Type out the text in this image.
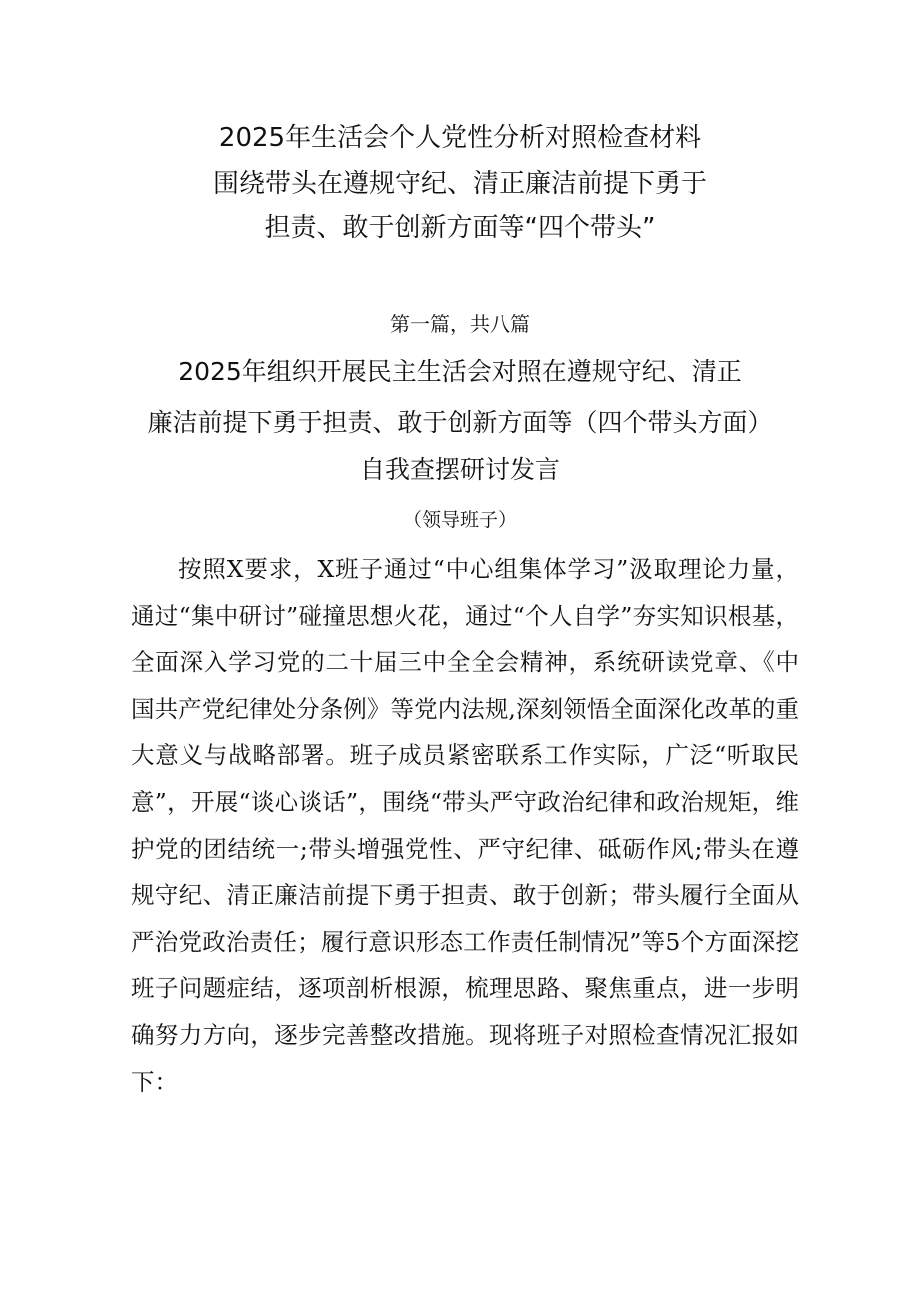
2025年生活会个人党性分析对照检查材料
围绕带头在遵规守纪、清正廉洁前提下勇于
担责、敢于创新方面等“四个带头”
第一篇，共八篇
2025年组织开展民主生活会对照在遵规守纪、清正
廉洁前提下勇于担责、敢于创新方面等（四个带头方面）
自我查摆研讨发言
（领导班子）

按照X要求，X班子通过“中心组集体学习”汲取理论力量，通过“集中研讨”碰撞思想火花，通过“个人自学”夯实知识根基，全面深入学习党的二十届三中全全会精神，系统研读党章、《中国共产党纪律处分条例》等党内法规,深刻领悟全面深化改革的重大意义与战略部署。班子成员紧密联系工作实际，广泛“听取民意”，开展“谈心谈话”，围绕“带头严守政治纪律和政治规矩，维护党的团结统一;带头增强党性、严守纪律、砥砺作风;带头在遵规守纪、清正廉洁前提下勇于担责、敢于创新；带头履行全面从严治党政治责任；履行意识形态工作责任制情况”等5个方面深挖班子问题症结，逐项剖析根源，梳理思路、聚焦重点，进一步明确努力方向，逐步完善整改措施。现将班子对照检查情况汇报如下：
